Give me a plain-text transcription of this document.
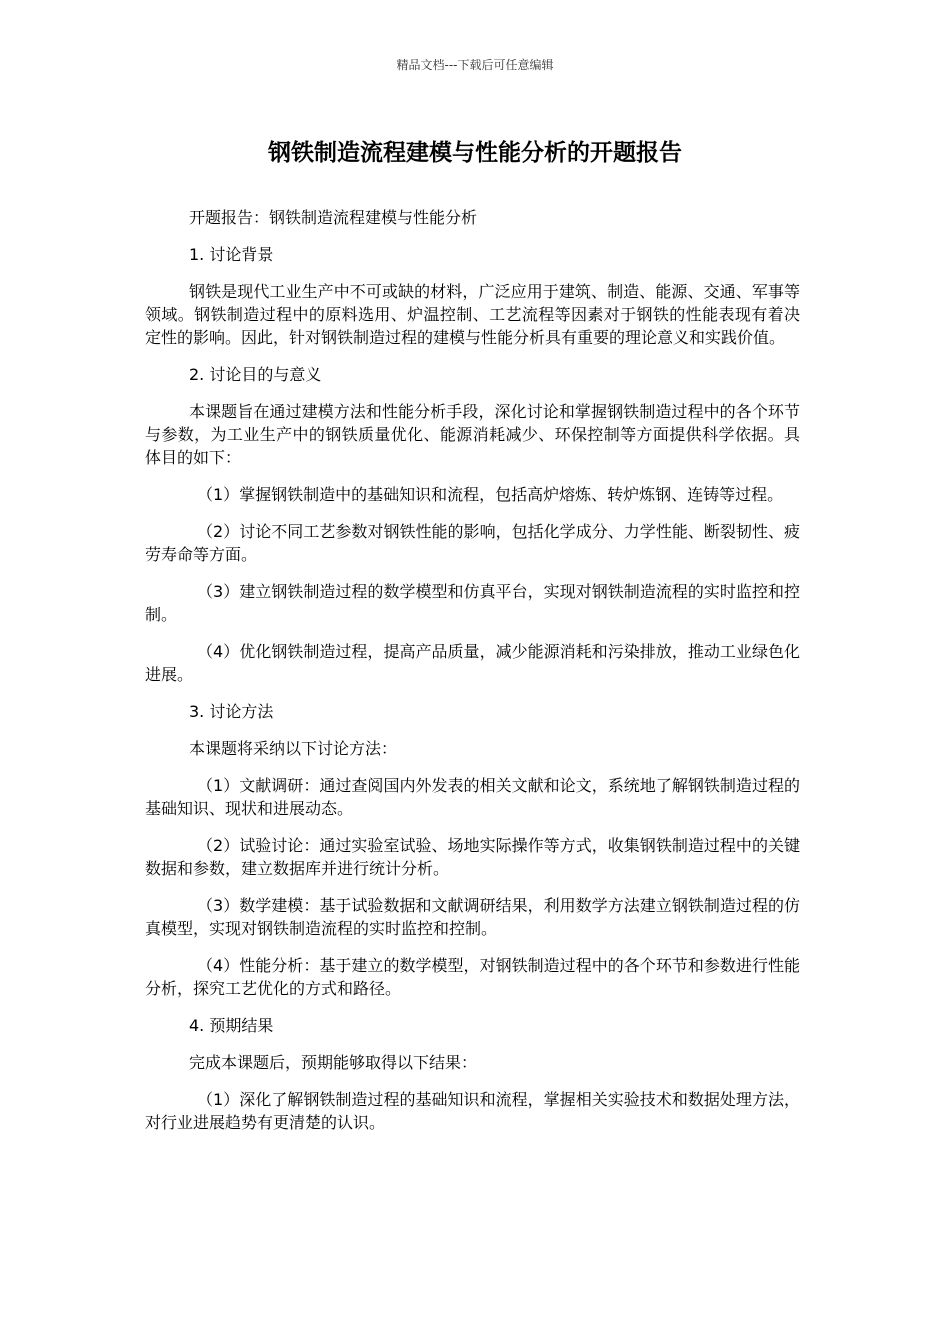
精品文档---下载后可任意编辑
钢铁制造流程建模与性能分析的开题报告

开题报告：钢铁制造流程建模与性能分析

1. 讨论背景

钢铁是现代工业生产中不可或缺的材料，广泛应用于建筑、制造、能源、交通、军事等领域。钢铁制造过程中的原料选用、炉温控制、工艺流程等因素对于钢铁的性能表现有着决定性的影响。因此，针对钢铁制造过程的建模与性能分析具有重要的理论意义和实践价值。

2. 讨论目的与意义

本课题旨在通过建模方法和性能分析手段，深化讨论和掌握钢铁制造过程中的各个环节与参数，为工业生产中的钢铁质量优化、能源消耗减少、环保控制等方面提供科学依据。具体目的如下：

（1）掌握钢铁制造中的基础知识和流程，包括高炉熔炼、转炉炼钢、连铸等过程。

（2）讨论不同工艺参数对钢铁性能的影响，包括化学成分、力学性能、断裂韧性、疲劳寿命等方面。

（3）建立钢铁制造过程的数学模型和仿真平台，实现对钢铁制造流程的实时监控和控制。

（4）优化钢铁制造过程，提高产品质量，减少能源消耗和污染排放，推动工业绿色化进展。

3. 讨论方法

本课题将采纳以下讨论方法：

（1）文献调研：通过查阅国内外发表的相关文献和论文，系统地了解钢铁制造过程的基础知识、现状和进展动态。

（2）试验讨论：通过实验室试验、场地实际操作等方式，收集钢铁制造过程中的关键数据和参数，建立数据库并进行统计分析。

（3）数学建模：基于试验数据和文献调研结果，利用数学方法建立钢铁制造过程的仿真模型，实现对钢铁制造流程的实时监控和控制。

（4）性能分析：基于建立的数学模型，对钢铁制造过程中的各个环节和参数进行性能分析，探究工艺优化的方式和路径。

4. 预期结果

完成本课题后，预期能够取得以下结果：

（1）深化了解钢铁制造过程的基础知识和流程，掌握相关实验技术和数据处理方法，对行业进展趋势有更清楚的认识。
